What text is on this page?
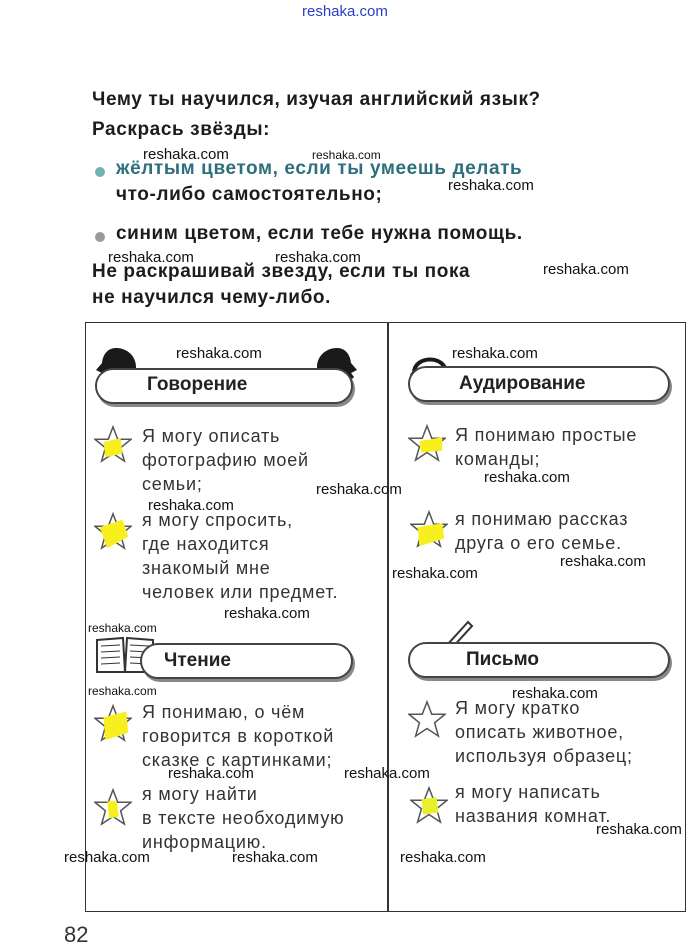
reshaka.com
Чему ты научился, изучая английский язык?
Раскрась звёзды:
жёлтым цветом, если ты умеешь делать
что-либо самостоятельно;
синим цветом, если тебе нужна помощь.
Не раскрашивай звезду, если ты пока
не научился чему-либо.
Говорение
Я могу описать
фотографию моей
семьи;
я могу спросить,
где находится
знакомый мне
человек или предмет.
Аудирование
Я понимаю простые
команды;
я понимаю рассказ
друга о его семье.
Чтение
Я понимаю, о чём
говорится в короткой
сказке с картинками;
я могу найти
в тексте необходимую
информацию.
Письмо
Я могу кратко
описать животное,
используя образец;
я могу написать
названия комнат.
82
reshaka.com	reshaka.com
reshaka.com
reshaka.com	reshaka.com
reshaka.com
reshaka.com	reshaka.com
reshaka.com
reshaka.com
reshaka.com
reshaka.com
reshaka.com
reshaka.com
reshaka.com
reshaka.com	reshaka.com
reshaka.com	reshaka.com
reshaka.com
reshaka.com	reshaka.com	reshaka.com
